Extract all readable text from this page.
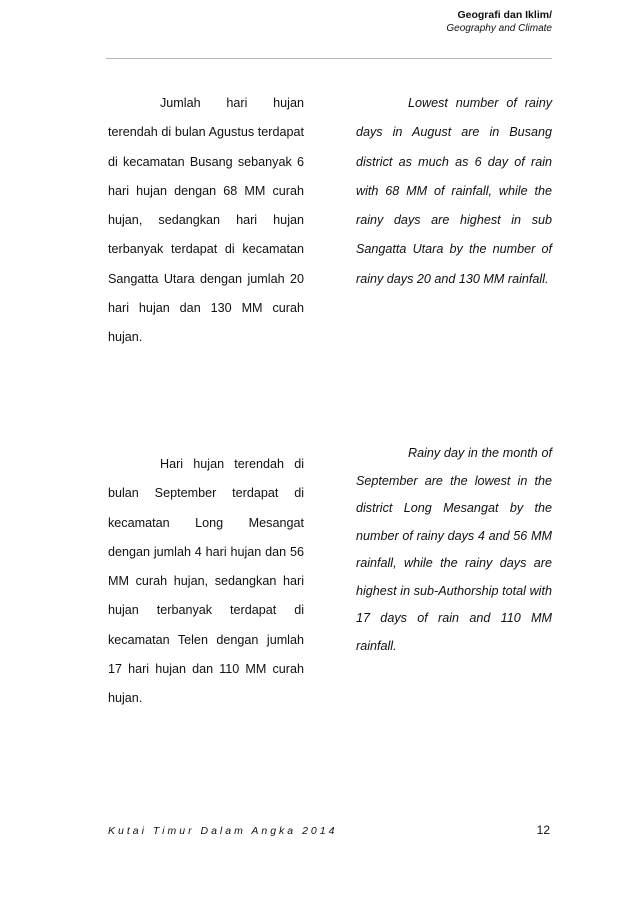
Geografi dan Iklim/
Geography and Climate

Jumlah hari hujan terendah di bulan Agustus terdapat di kecamatan Busang sebanyak 6 hari hujan dengan 68 MM curah hujan, sedangkan hari hujan terbanyak terdapat di kecamatan Sangatta Utara dengan jumlah 20 hari hujan dan 130 MM curah hujan.

Lowest number of rainy days in August are in Busang district as much as 6 day of rain with 68 MM of rainfall, while the rainy days are highest in sub Sangatta Utara by the number of rainy days 20 and 130 MM rainfall.

Hari hujan terendah di bulan September terdapat di kecamatan Long Mesangat dengan jumlah 4 hari hujan dan 56 MM curah hujan, sedangkan hari hujan terbanyak terdapat di kecamatan Telen dengan jumlah 17 hari hujan dan 110 MM curah hujan.

Rainy day in the month of September are the lowest in the district Long Mesangat by the number of rainy days 4 and 56 MM rainfall, while the rainy days are highest in sub-Authorship total with 17 days of rain and 110 MM rainfall.

Kutai Timur Dalam Angka 2014	12
